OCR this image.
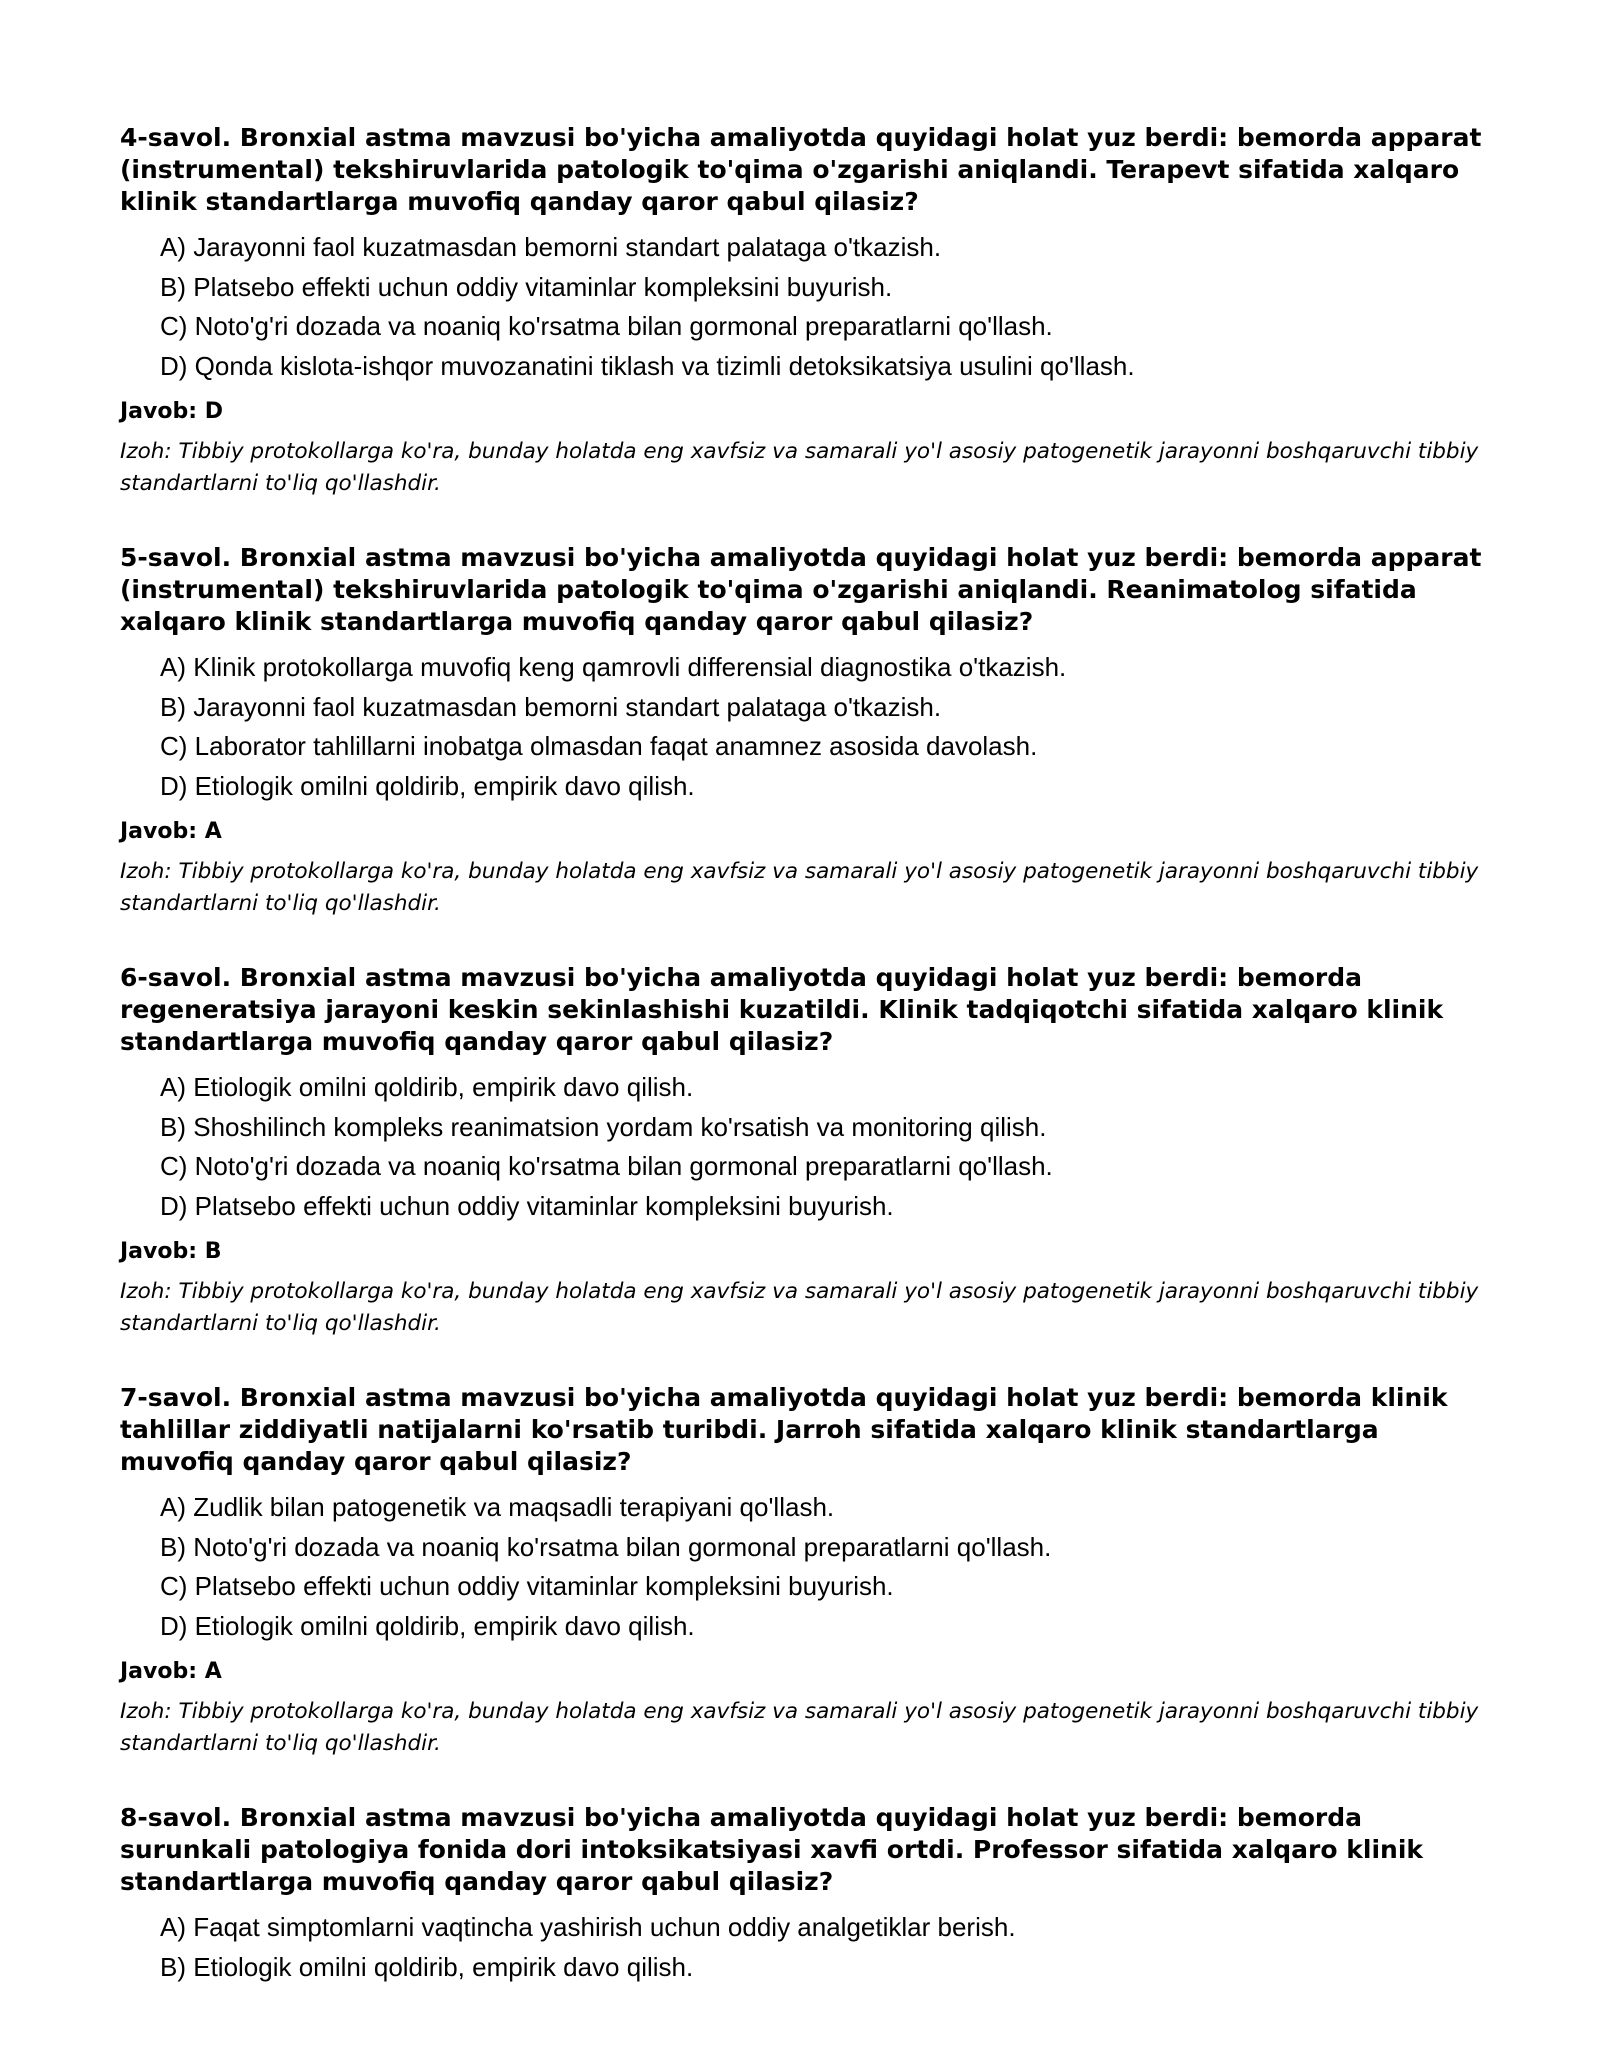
4-savol. Bronxial astma mavzusi bo'yicha amaliyotda quyidagi holat yuz berdi: bemorda apparat (instrumental) tekshiruvlarida patologik to'qima o'zgarishi aniqlandi. Terapevt sifatida xalqaro klinik standartlarga muvofiq qanday qaror qabul qilasiz?

A) Jarayonni faol kuzatmasdan bemorni standart palataga o'tkazish.
B) Platsebo effekti uchun oddiy vitaminlar kompleksini buyurish.
C) Noto'g'ri dozada va noaniq ko'rsatma bilan gormonal preparatlarni qo'llash.
D) Qonda kislota-ishqor muvozanatini tiklash va tizimli detoksikatsiya usulini qo'llash.

Javob: D

Izoh: Tibbiy protokollarga ko'ra, bunday holatda eng xavfsiz va samarali yo'l asosiy patogenetik jarayonni boshqaruvchi tibbiy standartlarni to'liq qo'llashdir.

5-savol. Bronxial astma mavzusi bo'yicha amaliyotda quyidagi holat yuz berdi: bemorda apparat (instrumental) tekshiruvlarida patologik to'qima o'zgarishi aniqlandi. Reanimatolog sifatida xalqaro klinik standartlarga muvofiq qanday qaror qabul qilasiz?

A) Klinik protokollarga muvofiq keng qamrovli differensial diagnostika o'tkazish.
B) Jarayonni faol kuzatmasdan bemorni standart palataga o'tkazish.
C) Laborator tahlillarni inobatga olmasdan faqat anamnez asosida davolash.
D) Etiologik omilni qoldirib, empirik davo qilish.

Javob: A

Izoh: Tibbiy protokollarga ko'ra, bunday holatda eng xavfsiz va samarali yo'l asosiy patogenetik jarayonni boshqaruvchi tibbiy standartlarni to'liq qo'llashdir.

6-savol. Bronxial astma mavzusi bo'yicha amaliyotda quyidagi holat yuz berdi: bemorda regeneratsiya jarayoni keskin sekinlashishi kuzatildi. Klinik tadqiqotchi sifatida xalqaro klinik standartlarga muvofiq qanday qaror qabul qilasiz?

A) Etiologik omilni qoldirib, empirik davo qilish.
B) Shoshilinch kompleks reanimatsion yordam ko'rsatish va monitoring qilish.
C) Noto'g'ri dozada va noaniq ko'rsatma bilan gormonal preparatlarni qo'llash.
D) Platsebo effekti uchun oddiy vitaminlar kompleksini buyurish.

Javob: B

Izoh: Tibbiy protokollarga ko'ra, bunday holatda eng xavfsiz va samarali yo'l asosiy patogenetik jarayonni boshqaruvchi tibbiy standartlarni to'liq qo'llashdir.

7-savol. Bronxial astma mavzusi bo'yicha amaliyotda quyidagi holat yuz berdi: bemorda klinik tahlillar ziddiyatli natijalarni ko'rsatib turibdi. Jarroh sifatida xalqaro klinik standartlarga muvofiq qanday qaror qabul qilasiz?

A) Zudlik bilan patogenetik va maqsadli terapiyani qo'llash.
B) Noto'g'ri dozada va noaniq ko'rsatma bilan gormonal preparatlarni qo'llash.
C) Platsebo effekti uchun oddiy vitaminlar kompleksini buyurish.
D) Etiologik omilni qoldirib, empirik davo qilish.

Javob: A

Izoh: Tibbiy protokollarga ko'ra, bunday holatda eng xavfsiz va samarali yo'l asosiy patogenetik jarayonni boshqaruvchi tibbiy standartlarni to'liq qo'llashdir.

8-savol. Bronxial astma mavzusi bo'yicha amaliyotda quyidagi holat yuz berdi: bemorda surunkali patologiya fonida dori intoksikatsiyasi xavfi ortdi. Professor sifatida xalqaro klinik standartlarga muvofiq qanday qaror qabul qilasiz?

A) Faqat simptomlarni vaqtincha yashirish uchun oddiy analgetiklar berish.
B) Etiologik omilni qoldirib, empirik davo qilish.
